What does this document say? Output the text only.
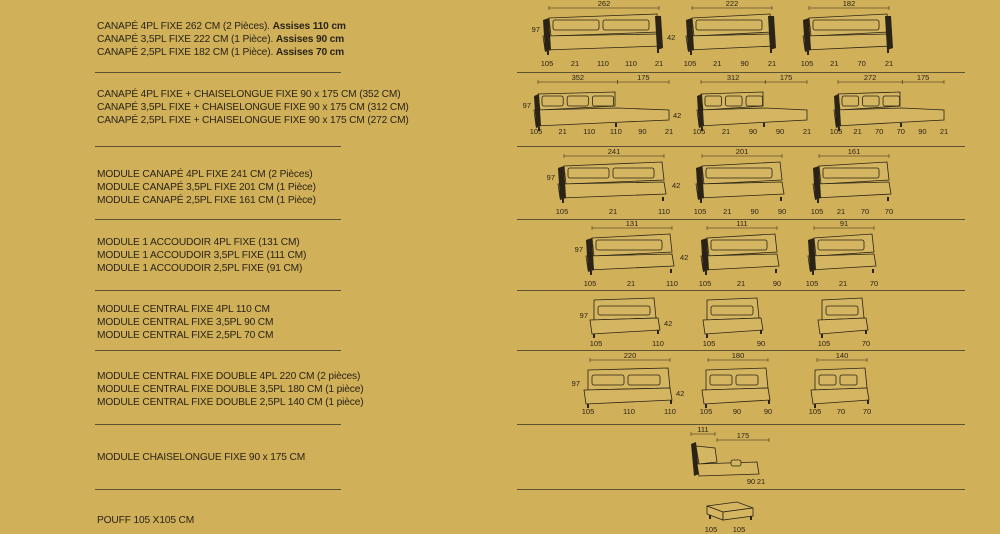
CANAPÉ 4PL FIXE 262 CM (2 Pièces). Assises 110 cm
CANAPÉ 3,5PL FIXE 222 CM (1 Pièce). Assises 90 cm
CANAPÉ 2,5PL FIXE 182 CM (1 Pièce). Assises 70 cm
CANAPÉ 4PL FIXE + CHAISELONGUE FIXE 90 x 175 CM (352 CM)
CANAPÉ 3,5PL FIXE + CHAISELONGUE FIXE 90 x 175 CM (312 CM)
CANAPÉ 2,5PL FIXE + CHAISELONGUE FIXE 90 x 175 CM (272 CM)
MODULE CANAPÉ 4PL FIXE 241 CM (2 Pièces)
MODULE CANAPÉ 3,5PL FIXE 201 CM (1 Pièce)
MODULE CANAPÉ 2,5PL FIXE 161 CM (1 Pièce)
MODULE 1 ACCOUDOIR 4PL FIXE (131 CM)
MODULE 1 ACCOUDOIR 3,5PL FIXE (111 CM)
MODULE 1 ACCOUDOIR 2,5PL FIXE (91 CM)
MODULE CENTRAL FIXE 4PL 110 CM
MODULE CENTRAL FIXE 3,5PL 90 CM
MODULE CENTRAL FIXE 2,5PL 70 CM
MODULE CENTRAL FIXE DOUBLE 4PL 220 CM (2 pièces)
MODULE CENTRAL FIXE DOUBLE 3,5PL 180 CM (1 pièce)
MODULE CENTRAL FIXE DOUBLE 2,5PL 140 CM (1 pièce)
MODULE CHAISELONGUE FIXE 90 x 175 CM
POUFF 105 X105 CM
262
97
42
105 21 110 110 21
222
105 21	90	21
182
105 21	70	21
352	175
97
42
105 21 110 110 90 21
312	175
105 21 90 90 21
272	175
105 21 70 70 90 21
241
97
42
105	21	110
201
105 21	90	90
161
105 21 70 70
131
97
42
105	21	110
111
105	21	90
91
105	21	70
97
42
105	110	105	90	105	70
220
97
42
105	110	110
180
105	90	90
140
105 70 70
111
175
90 21
105 105
